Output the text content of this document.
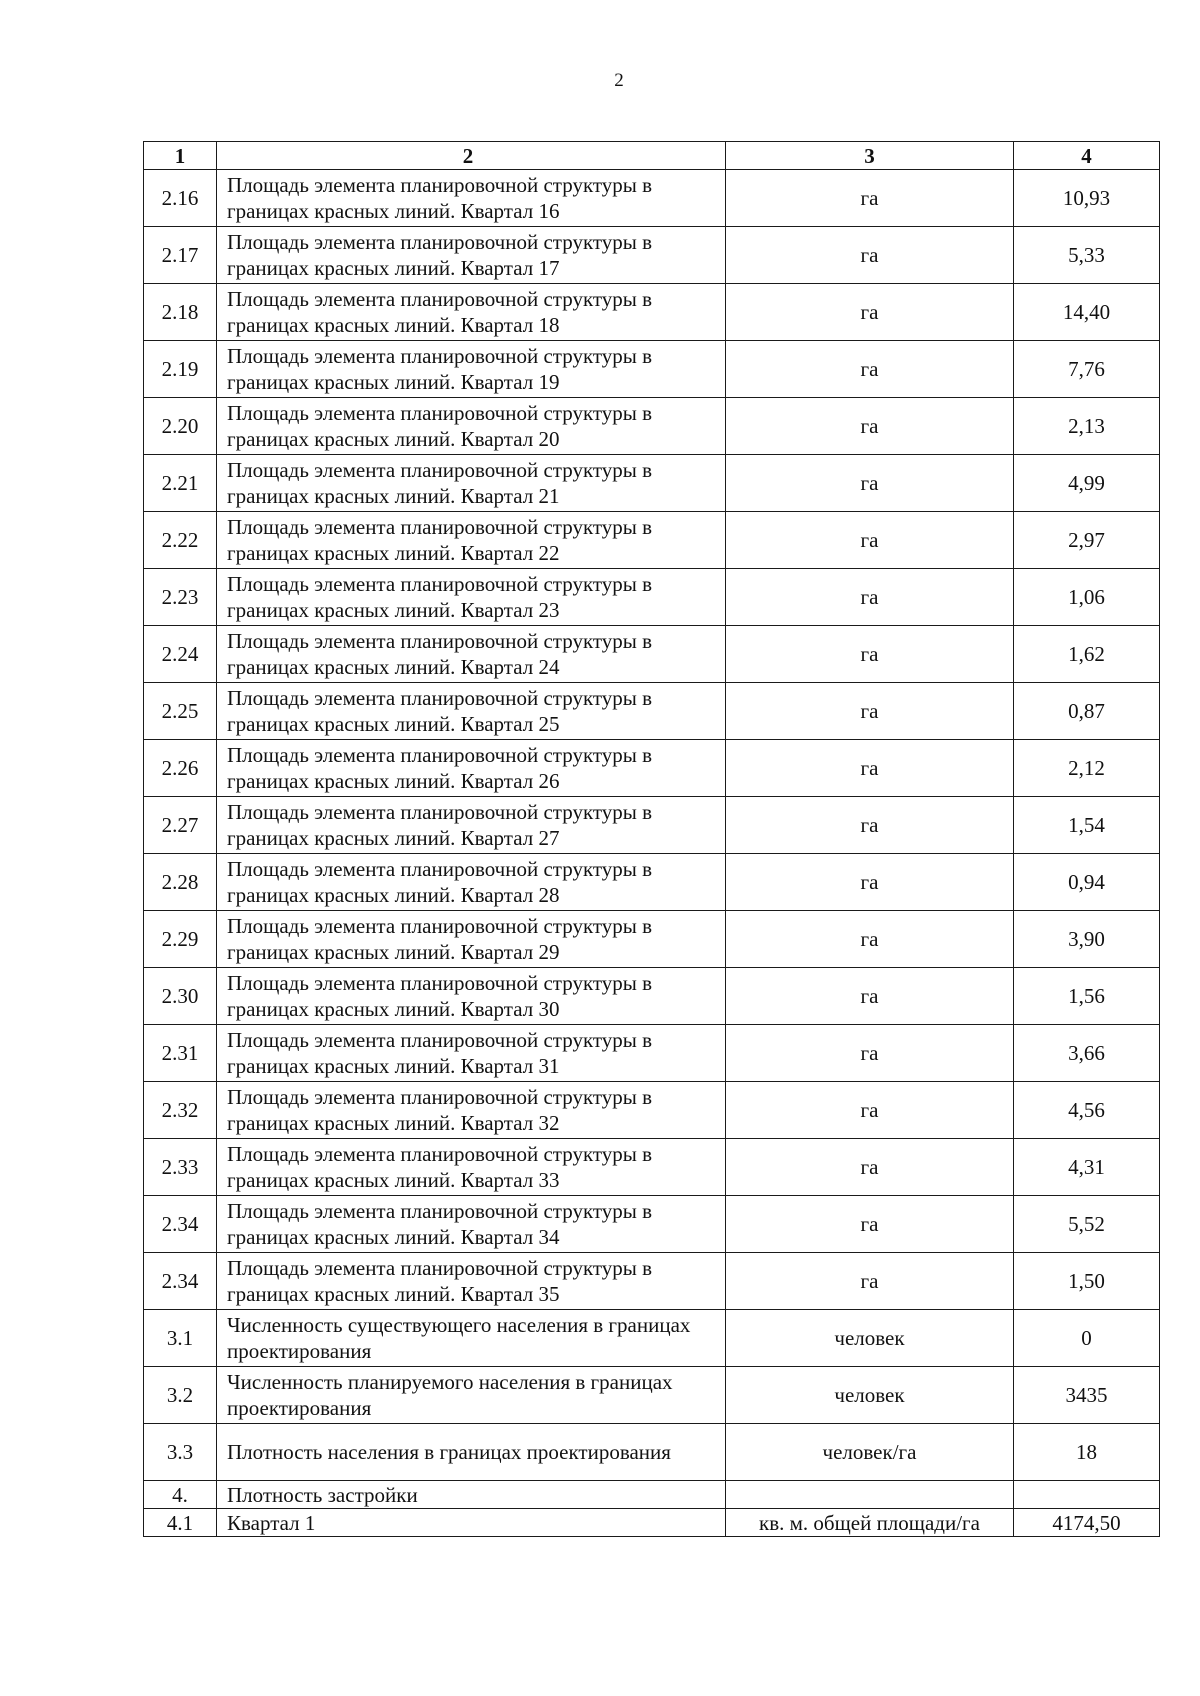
2
1	2	3	4
2.16	Площадь элемента планировочной структуры в границах красных линий. Квартал 16	га	10,93
2.17	Площадь элемента планировочной структуры в границах красных линий. Квартал 17	га	5,33
2.18	Площадь элемента планировочной структуры в границах красных линий. Квартал 18	га	14,40
2.19	Площадь элемента планировочной структуры в границах красных линий. Квартал 19	га	7,76
2.20	Площадь элемента планировочной структуры в границах красных линий. Квартал 20	га	2,13
2.21	Площадь элемента планировочной структуры в границах красных линий. Квартал 21	га	4,99
2.22	Площадь элемента планировочной структуры в границах красных линий. Квартал 22	га	2,97
2.23	Площадь элемента планировочной структуры в границах красных линий. Квартал 23	га	1,06
2.24	Площадь элемента планировочной структуры в границах красных линий. Квартал 24	га	1,62
2.25	Площадь элемента планировочной структуры в границах красных линий. Квартал 25	га	0,87
2.26	Площадь элемента планировочной структуры в границах красных линий. Квартал 26	га	2,12
2.27	Площадь элемента планировочной структуры в границах красных линий. Квартал 27	га	1,54
2.28	Площадь элемента планировочной структуры в границах красных линий. Квартал 28	га	0,94
2.29	Площадь элемента планировочной структуры в границах красных линий. Квартал 29	га	3,90
2.30	Площадь элемента планировочной структуры в границах красных линий. Квартал 30	га	1,56
2.31	Площадь элемента планировочной структуры в границах красных линий. Квартал 31	га	3,66
2.32	Площадь элемента планировочной структуры в границах красных линий. Квартал 32	га	4,56
2.33	Площадь элемента планировочной структуры в границах красных линий. Квартал 33	га	4,31
2.34	Площадь элемента планировочной структуры в границах красных линий. Квартал 34	га	5,52
2.34	Площадь элемента планировочной структуры в границах красных линий. Квартал 35	га	1,50
3.1	Численность существующего населения в границах проектирования	человек	0
3.2	Численность планируемого населения в границах проектирования	человек	3435
3.3	Плотность населения в границах проектирования	человек/га	18
4.	Плотность застройки		
4.1	Квартал 1	кв. м. общей площади/га	4174,50
